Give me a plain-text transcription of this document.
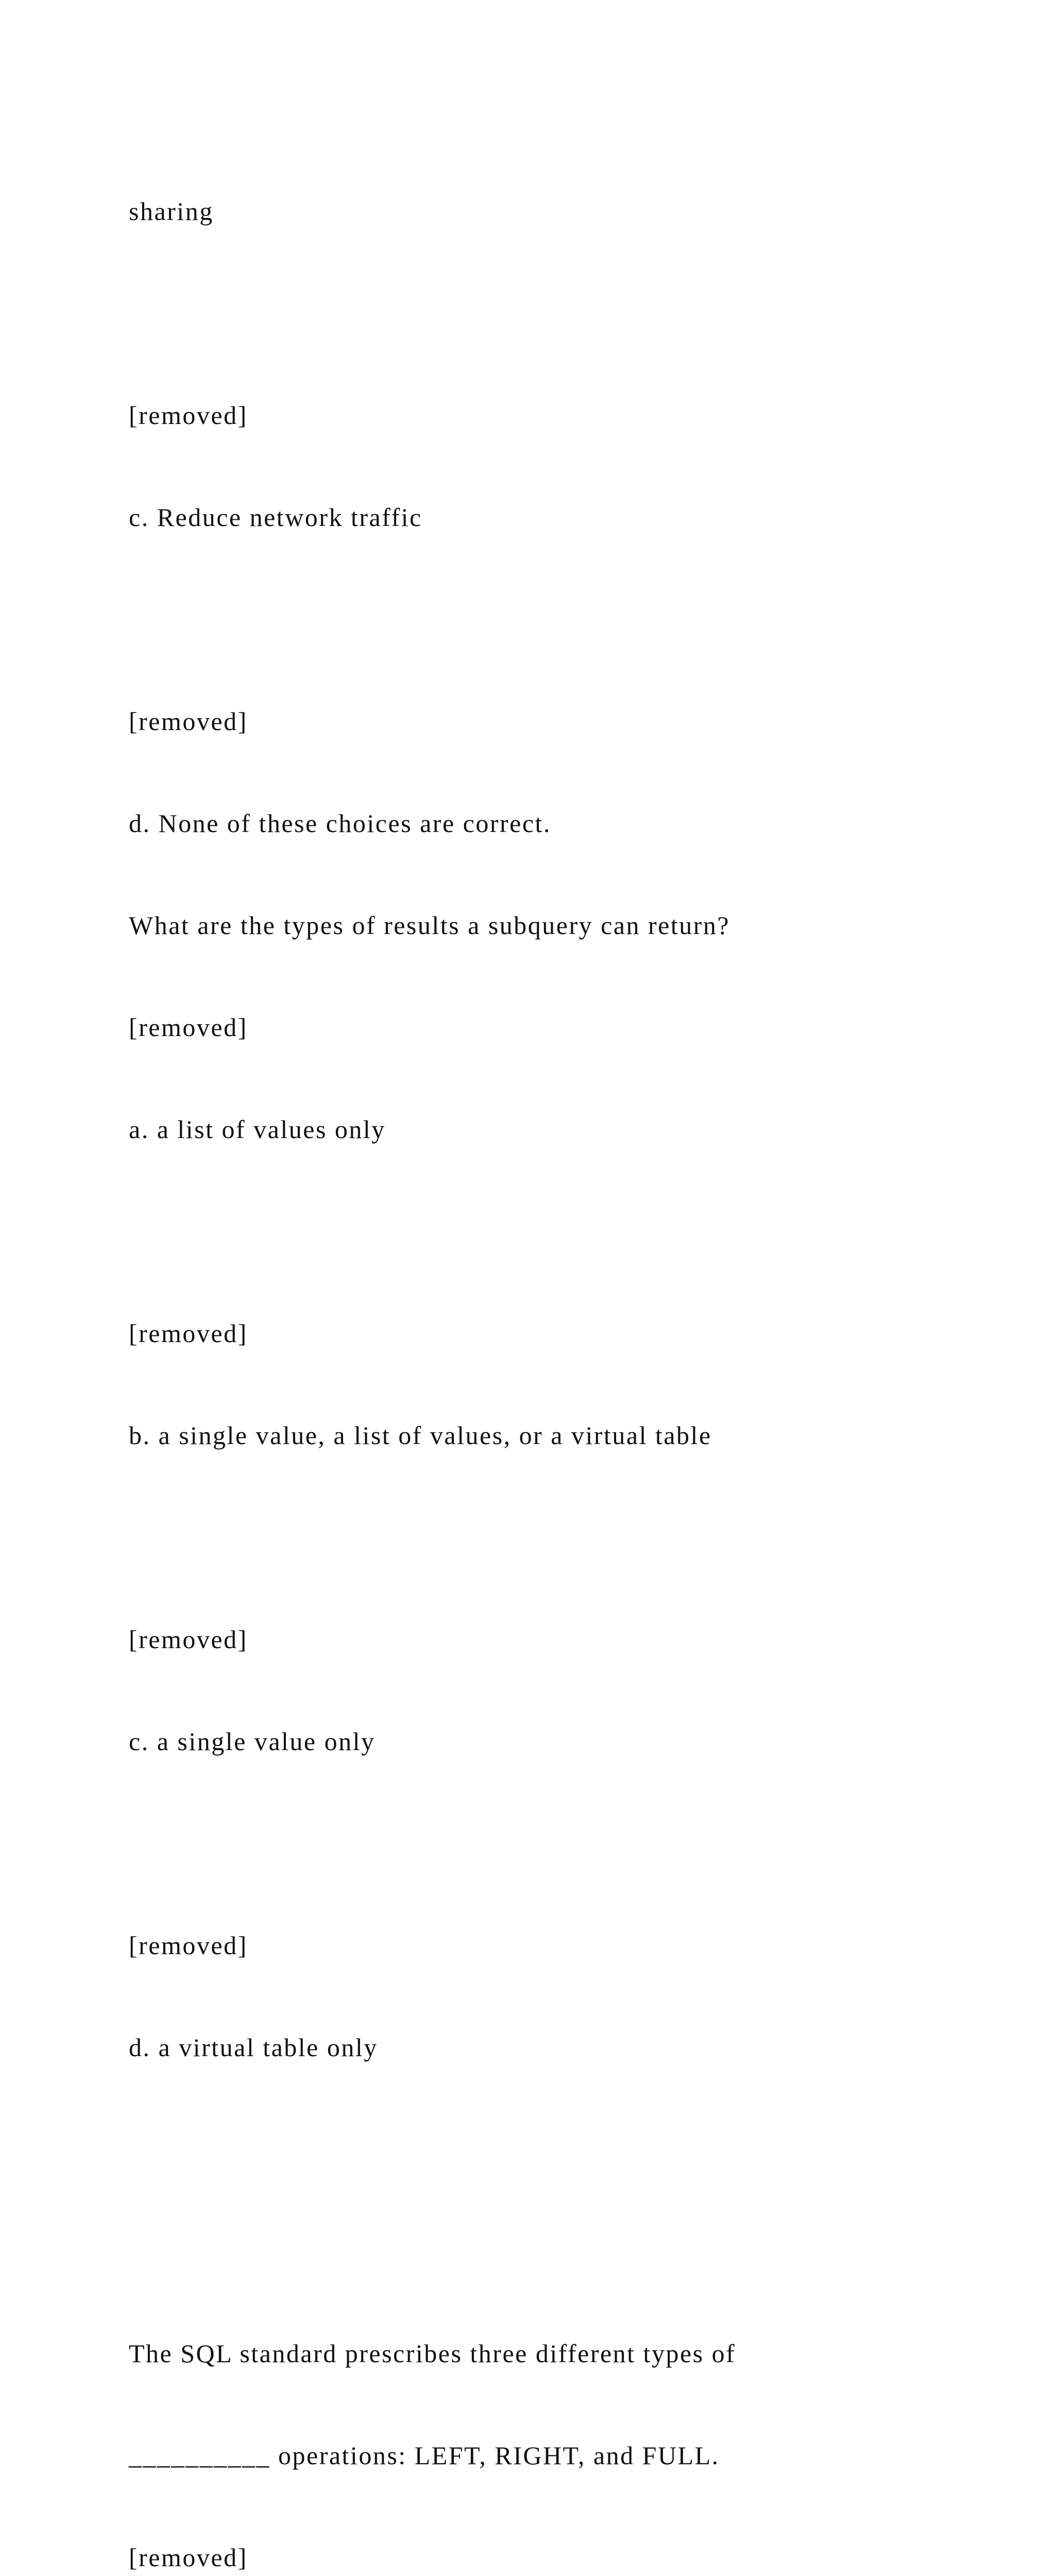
sharing

[removed]

c. Reduce network traffic

[removed]

d. None of these choices are correct.

What are the types of results a subquery can return?

[removed]

a. a list of values only

[removed]

b. a single value, a list of values, or a virtual table

[removed]

c. a single value only

[removed]

d. a virtual table only

The SQL standard prescribes three different types of

__________ operations: LEFT, RIGHT, and FULL.

[removed]
